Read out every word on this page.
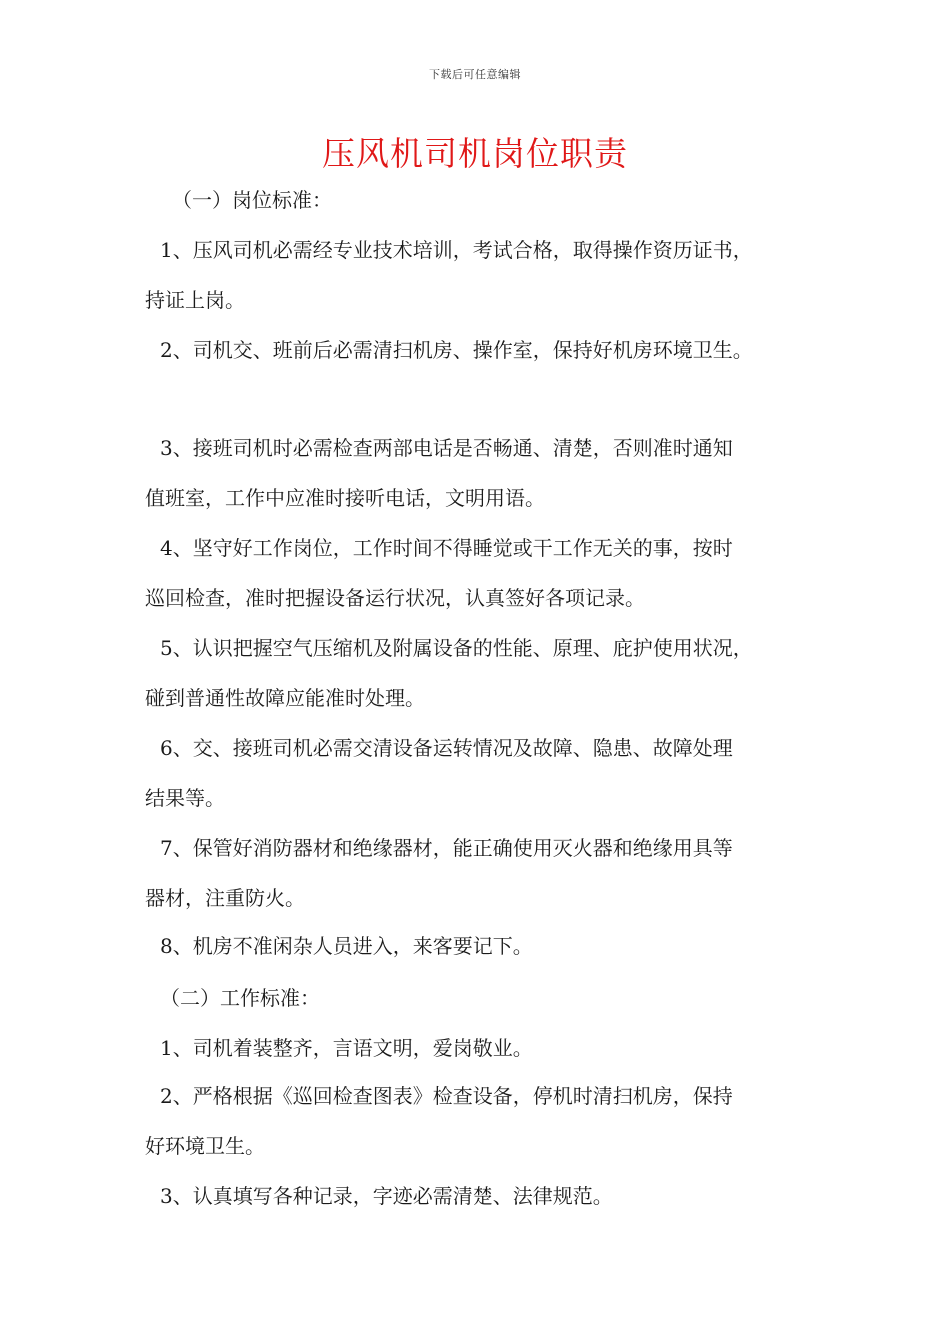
下载后可任意编辑
压风机司机岗位职责
（一）岗位标准：
1、压风司机必需经专业技术培训，考试合格，取得操作资历证书，
持证上岗。
2、司机交、班前后必需清扫机房、操作室，保持好机房环境卫生。
3、接班司机时必需检查两部电话是否畅通、清楚，否则准时通知
值班室，工作中应准时接听电话，文明用语。
4、坚守好工作岗位，工作时间不得睡觉或干工作无关的事，按时
巡回检查，准时把握设备运行状况，认真签好各项记录。
5、认识把握空气压缩机及附属设备的性能、原理、庇护使用状况，
碰到普通性故障应能准时处理。
6、交、接班司机必需交清设备运转情况及故障、隐患、故障处理
结果等。
7、保管好消防器材和绝缘器材，能正确使用灭火器和绝缘用具等
器材，注重防火。
8、机房不准闲杂人员进入，来客要记下。
（二）工作标准：
1、司机着装整齐，言语文明，爱岗敬业。
2、严格根据《巡回检查图表》检查设备，停机时清扫机房，保持
好环境卫生。
3、认真填写各种记录，字迹必需清楚、法律规范。
